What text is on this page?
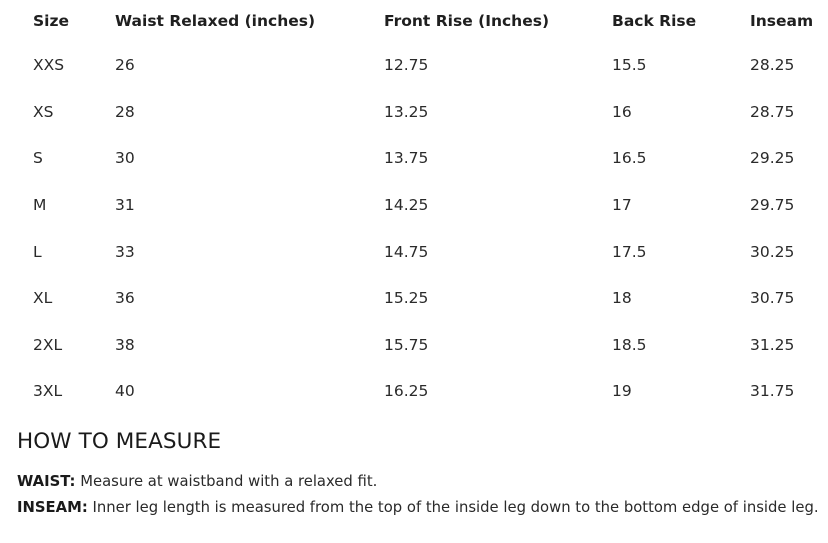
Size	Waist Relaxed (inches)	Front Rise (Inches)	Back Rise	Inseam
XXS	26	12.75	15.5	28.25
XS	28	13.25	16	28.75
S	30	13.75	16.5	29.25
M	31	14.25	17	29.75
L	33	14.75	17.5	30.25
XL	36	15.25	18	30.75
2XL	38	15.75	18.5	31.25
3XL	40	16.25	19	31.75
HOW TO MEASURE

WAIST: Measure at waistband with a relaxed fit.

INSEAM: Inner leg length is measured from the top of the inside leg down to the bottom edge of inside leg.
